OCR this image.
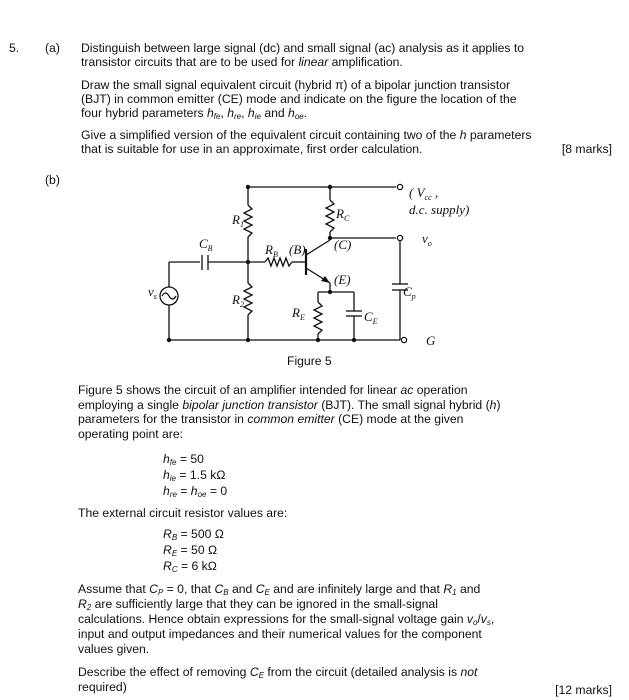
5. (a)
(b)

Distinguish between large signal (dc) and small signal (ac) analysis as it applies to

transistor circuits that are to be used for linear amplification.

Draw the small signal equivalent circuit (hybrid π) of a bipolar junction transistor

(BJT) in common emitter (CE) mode and indicate on the figure the location of the

four hybrid parameters $h_{fe}$, $h_{re}$, $h_{ie}$ and $h_{oe}$.

Give a simplified version of the equivalent circuit containing two of the h parameters

that is suitable for use in an approximate, first order calculation.	[8 marks]
( $V_{cc}$ ,
d.c. supply)
$R_C$
$R_1$
$R_2$
$R_B$ (B) (C)
(E)
$R_E$	$C_E$
$C_B$
$C_p$
$v_o$
$v_s$
G
Figure 5

Figure 5 shows the circuit of an amplifier intended for linear ac operation

employing a single bipolar junction transistor (BJT). The small signal hybrid (h)

parameters for the transistor in common emitter (CE) mode at the given

operating point are:

$h_{fe} = 50$
$h_{ie} = 1.5$ kΩ
$h_{re} = h_{oe} = 0$
The external circuit resistor values are:
$R_B = 500$ Ω
$R_E = 50$ Ω
$R_C = 6$ kΩ

Assume that $C_P = 0$, that $C_B$ and $C_E$ and are infinitely large and that $R_1$ and

$R_2$ are sufficiently large that they can be ignored in the small-signal

calculations. Hence obtain expressions for the small-signal voltage gain $v_o/v_s$,

input and output impedances and their numerical values for the component

values given.

Describe the effect of removing $C_E$ from the circuit (detailed analysis is not

required)	[12 marks]
